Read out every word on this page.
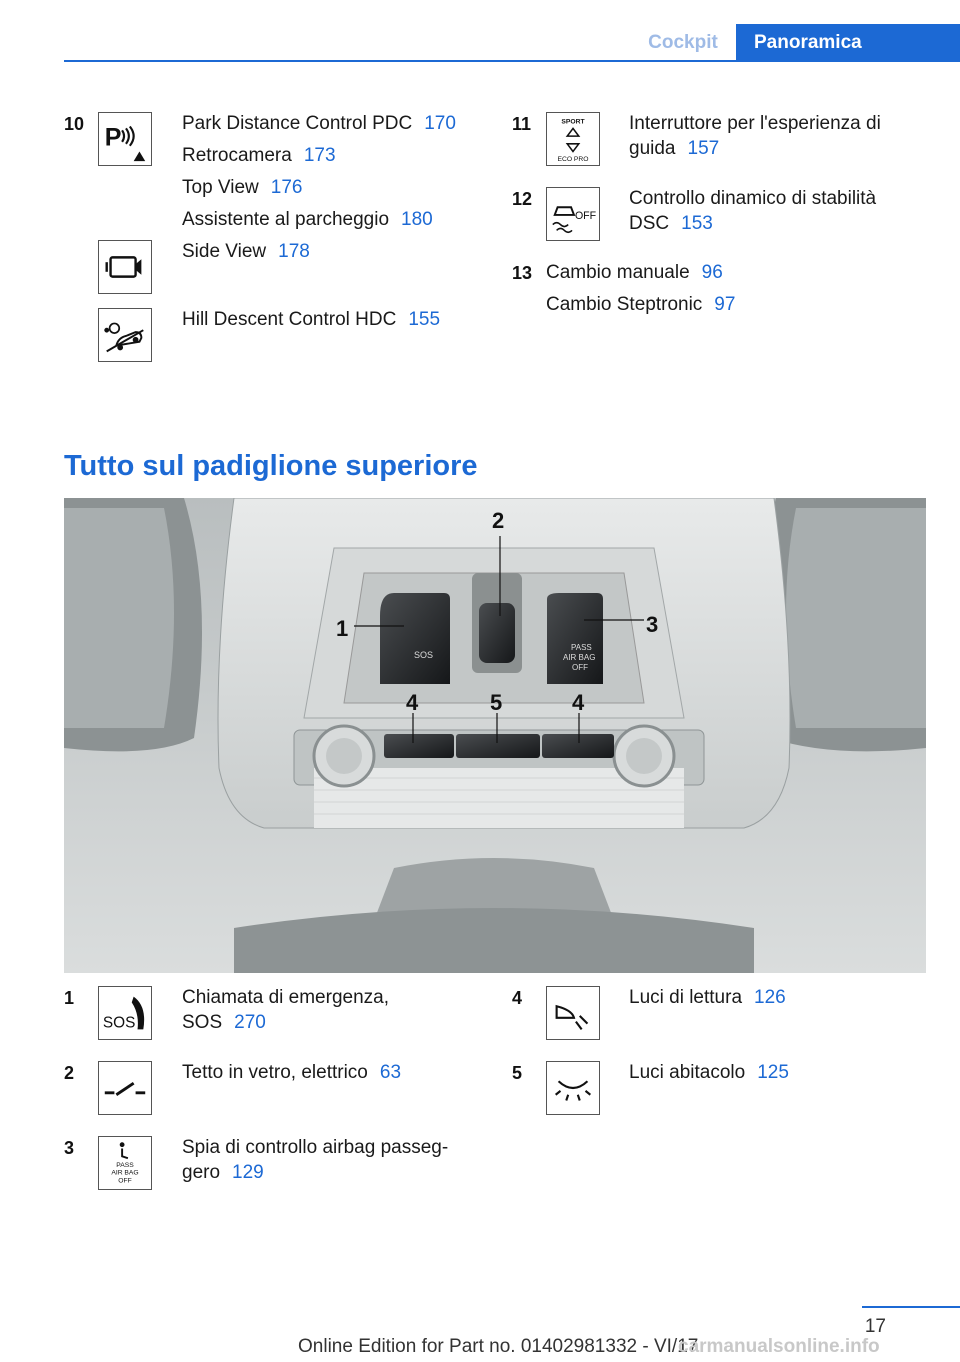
Cockpit	Panoramica
10 P
Park Distance Control PDC 170
Retrocamera 173
Top View 176
Assistente al parcheggio 180
Side View 178
Hill Descent Control HDC 155
11	SPORT
ECO PRO
Interruttore per l'esperienza di
guida 157
12
OFF
Controllo dinamico di stabilità
DSC 153
13 Cambio manuale 96
Cambio Steptronic 97
Tutto sul padiglione superiore
SOS
PASS
AIR BAG
OFF
1
2
3
4	5	4
1
SOS
Chiamata di emergenza,
SOS 270
2	Tetto in vetro, elettrico 63
3
PASS
AIR BAG
OFF
Spia di controllo airbag passeg-
gero 129
4	Luci di lettura 126
5	Luci abitacolo 125
17
Online Edition for Part no. 01402981332 - VI/17
carmanualsonline.info
